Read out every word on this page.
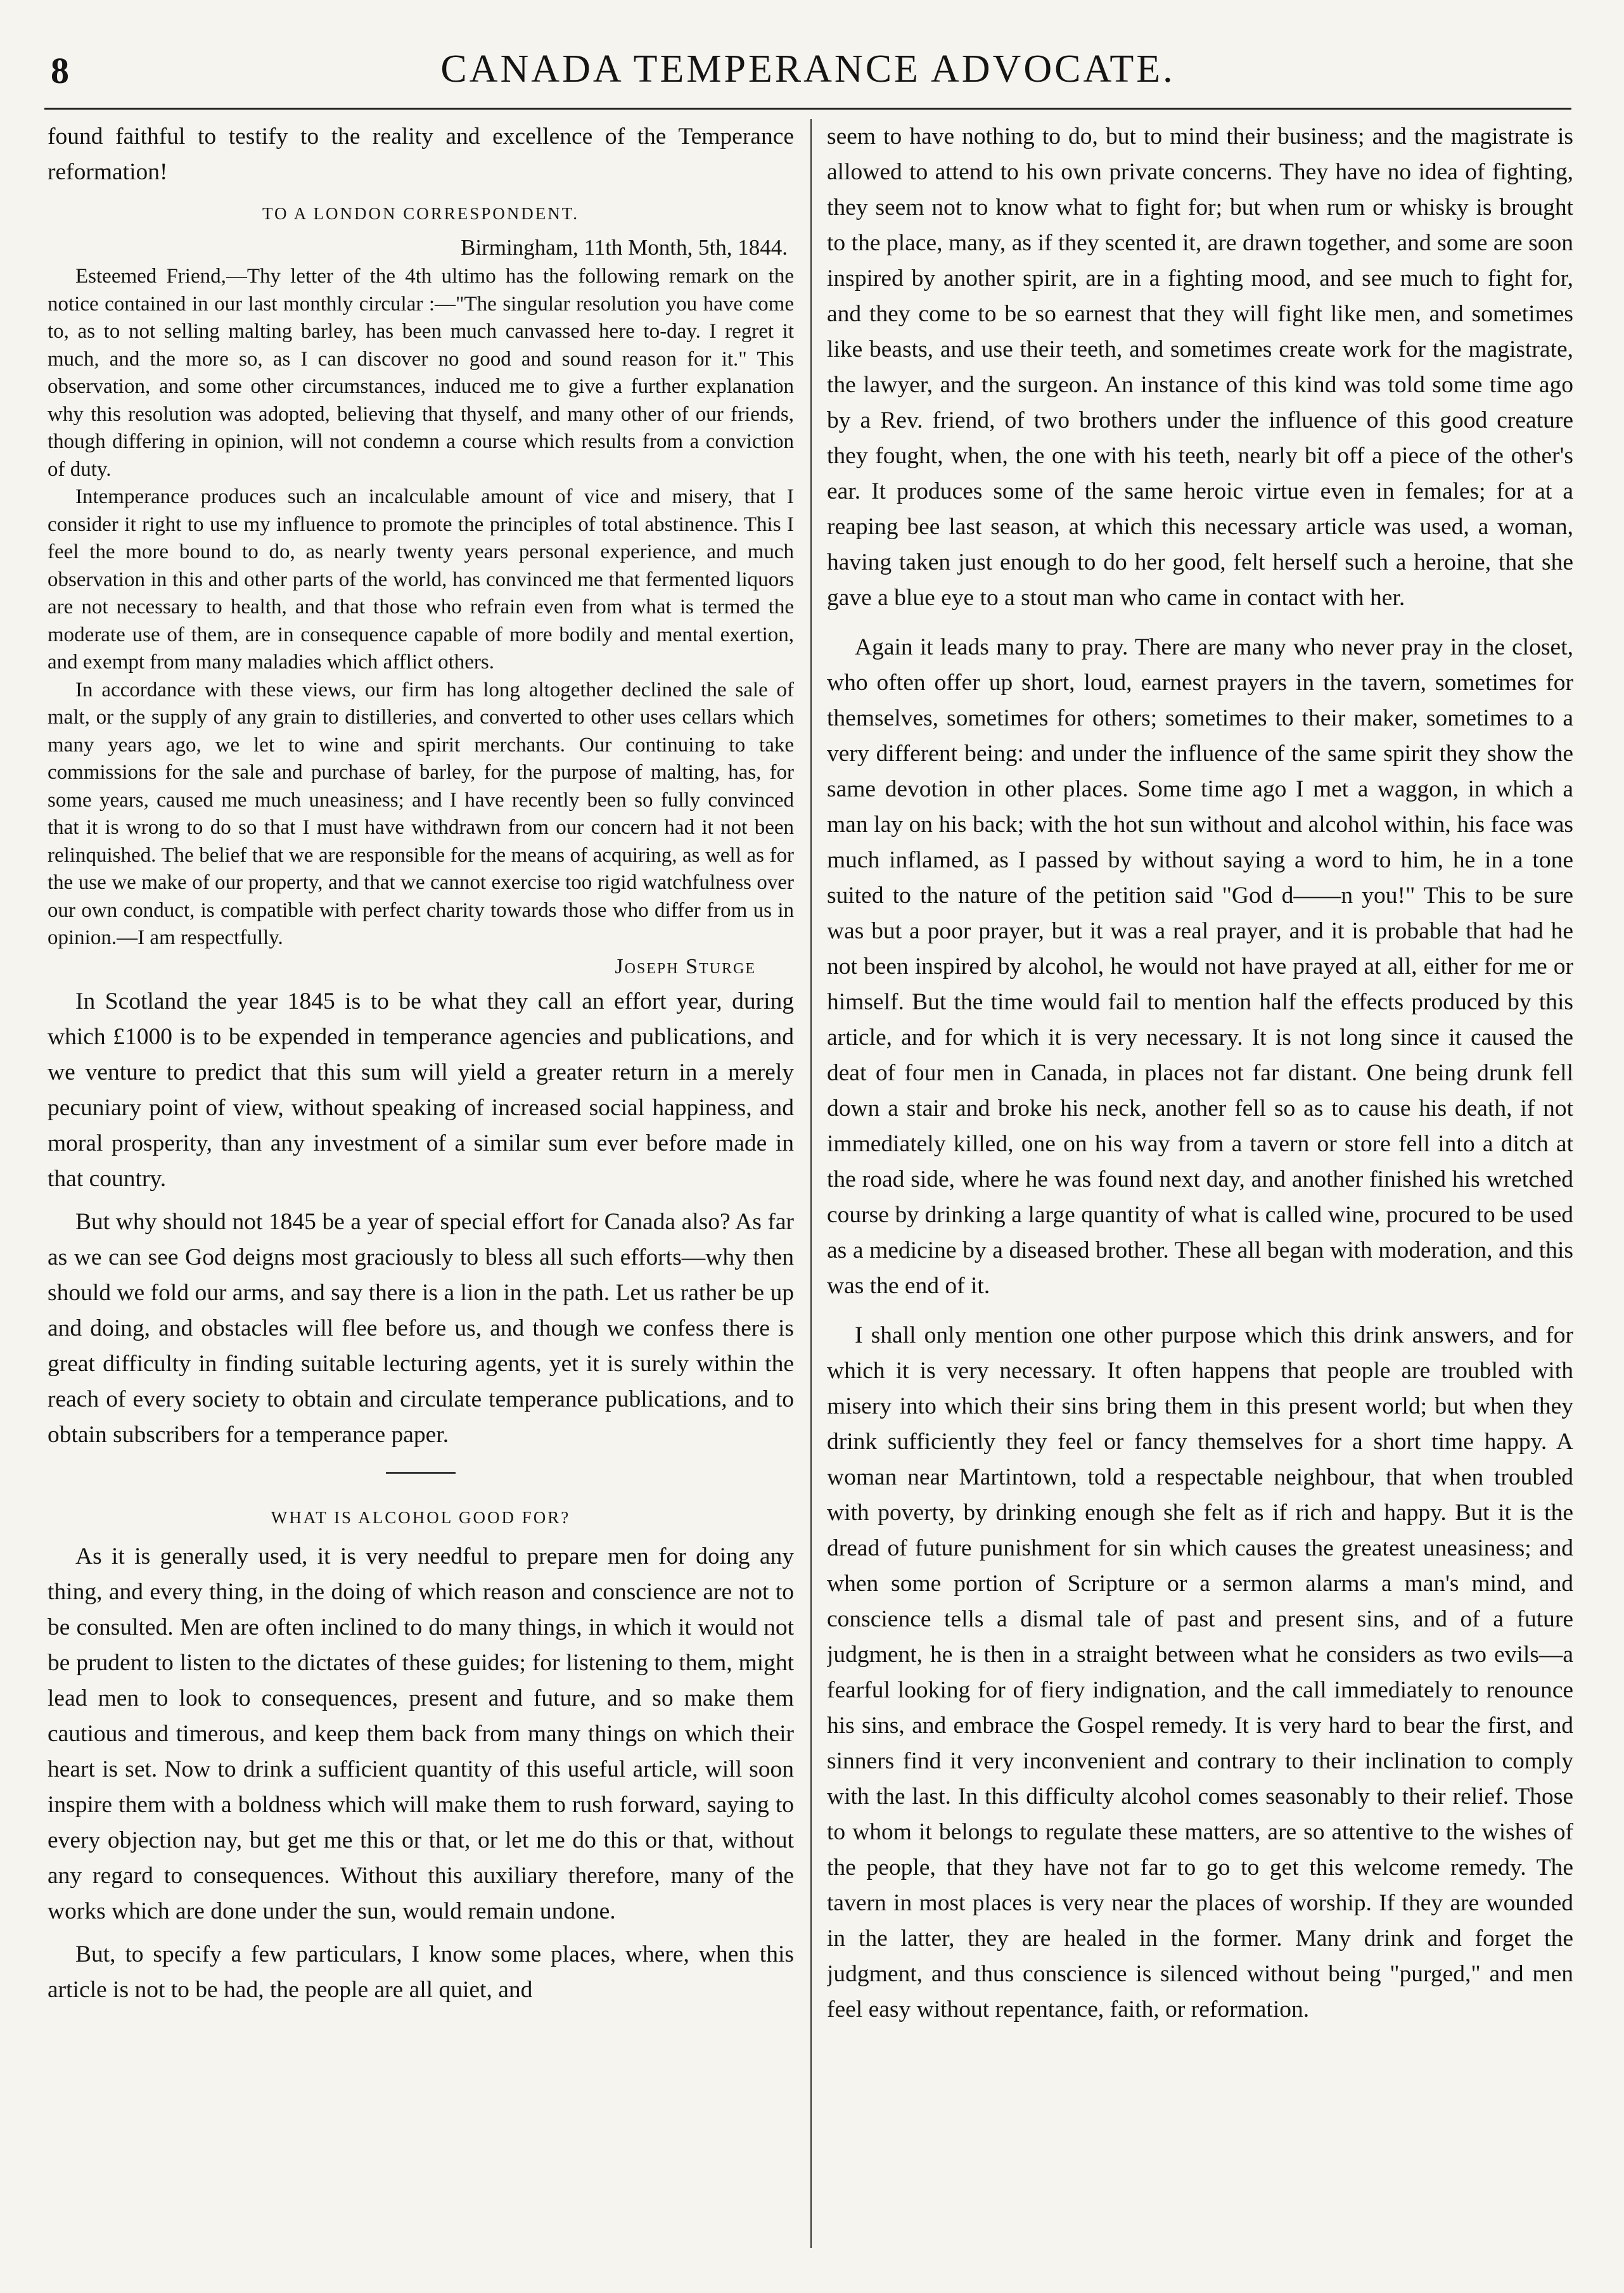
8	CANADA TEMPERANCE ADVOCATE.

found faithful to testify to the reality and excellence of the Temperance reformation!

TO A LONDON CORRESPONDENT.
Birmingham, 11th Month, 5th, 1844.

Esteemed Friend,—Thy letter of the 4th ultimo has the following remark on the notice contained in our last monthly circular :—"The singular resolution you have come to, as to not selling malting barley, has been much canvassed here to-day. I regret it much, and the more so, as I can discover no good and sound reason for it." This observation, and some other circumstances, induced me to give a further explanation why this resolution was adopted, believing that thyself, and many other of our friends, though differing in opinion, will not condemn a course which results from a conviction of duty.

Intemperance produces such an incalculable amount of vice and misery, that I consider it right to use my influence to promote the principles of total abstinence. This I feel the more bound to do, as nearly twenty years personal experience, and much observation in this and other parts of the world, has convinced me that fermented liquors are not necessary to health, and that those who refrain even from what is termed the moderate use of them, are in consequence capable of more bodily and mental exertion, and exempt from many maladies which afflict others.

In accordance with these views, our firm has long altogether declined the sale of malt, or the supply of any grain to distilleries, and converted to other uses cellars which many years ago, we let to wine and spirit merchants. Our continuing to take commissions for the sale and purchase of barley, for the purpose of malting, has, for some years, caused me much uneasiness; and I have recently been so fully convinced that it is wrong to do so that I must have withdrawn from our concern had it not been relinquished. The belief that we are responsible for the means of acquiring, as well as for the use we make of our property, and that we cannot exercise too rigid watchfulness over our own conduct, is compatible with perfect charity towards those who differ from us in opinion.—I am respectfully.

Joseph Sturge

In Scotland the year 1845 is to be what they call an effort year, during which £1000 is to be expended in temperance agencies and publications, and we venture to predict that this sum will yield a greater return in a merely pecuniary point of view, without speaking of increased social happiness, and moral prosperity, than any investment of a similar sum ever before made in that country.

But why should not 1845 be a year of special effort for Canada also? As far as we can see God deigns most graciously to bless all such efforts—why then should we fold our arms, and say there is a lion in the path. Let us rather be up and doing, and obstacles will flee before us, and though we confess there is great difficulty in finding suitable lecturing agents, yet it is surely within the reach of every society to obtain and circulate temperance publications, and to obtain subscribers for a temperance paper.

WHAT IS ALCOHOL GOOD FOR?

As it is generally used, it is very needful to prepare men for doing any thing, and every thing, in the doing of which reason and conscience are not to be consulted. Men are often inclined to do many things, in which it would not be prudent to listen to the dictates of these guides; for listening to them, might lead men to look to consequences, present and future, and so make them cautious and timerous, and keep them back from many things on which their heart is set. Now to drink a sufficient quantity of this useful article, will soon inspire them with a boldness which will make them to rush forward, saying to every objection nay, but get me this or that, or let me do this or that, without any regard to consequences. Without this auxiliary therefore, many of the works which are done under the sun, would remain undone.

But, to specify a few particulars, I know some places, where, when this article is not to be had, the people are all quiet, and

seem to have nothing to do, but to mind their business; and the magistrate is allowed to attend to his own private concerns. They have no idea of fighting, they seem not to know what to fight for; but when rum or whisky is brought to the place, many, as if they scented it, are drawn together, and some are soon inspired by another spirit, are in a fighting mood, and see much to fight for, and they come to be so earnest that they will fight like men, and sometimes like beasts, and use their teeth, and sometimes create work for the magistrate, the lawyer, and the surgeon. An instance of this kind was told some time ago by a Rev. friend, of two brothers under the influence of this good creature they fought, when, the one with his teeth, nearly bit off a piece of the other's ear. It produces some of the same heroic virtue even in females; for at a reaping bee last season, at which this necessary article was used, a woman, having taken just enough to do her good, felt herself such a heroine, that she gave a blue eye to a stout man who came in contact with her.

Again it leads many to pray. There are many who never pray in the closet, who often offer up short, loud, earnest prayers in the tavern, sometimes for themselves, sometimes for others; sometimes to their maker, sometimes to a very different being: and under the influence of the same spirit they show the same devotion in other places. Some time ago I met a waggon, in which a man lay on his back; with the hot sun without and alcohol within, his face was much inflamed, as I passed by without saying a word to him, he in a tone suited to the nature of the petition said "God d——n you!" This to be sure was but a poor prayer, but it was a real prayer, and it is probable that had he not been inspired by alcohol, he would not have prayed at all, either for me or himself. But the time would fail to mention half the effects produced by this article, and for which it is very necessary. It is not long since it caused the deat of four men in Canada, in places not far distant. One being drunk fell down a stair and broke his neck, another fell so as to cause his death, if not immediately killed, one on his way from a tavern or store fell into a ditch at the road side, where he was found next day, and another finished his wretched course by drinking a large quantity of what is called wine, procured to be used as a medicine by a diseased brother. These all began with moderation, and this was the end of it.

I shall only mention one other purpose which this drink answers, and for which it is very necessary. It often happens that people are troubled with misery into which their sins bring them in this present world; but when they drink sufficiently they feel or fancy themselves for a short time happy. A woman near Martintown, told a respectable neighbour, that when troubled with poverty, by drinking enough she felt as if rich and happy. But it is the dread of future punishment for sin which causes the greatest uneasiness; and when some portion of Scripture or a sermon alarms a man's mind, and conscience tells a dismal tale of past and present sins, and of a future judgment, he is then in a straight between what he considers as two evils—a fearful looking for of fiery indignation, and the call immediately to renounce his sins, and embrace the Gospel remedy. It is very hard to bear the first, and sinners find it very inconvenient and contrary to their inclination to comply with the last. In this difficulty alcohol comes seasonably to their relief. Those to whom it belongs to regulate these matters, are so attentive to the wishes of the people, that they have not far to go to get this welcome remedy. The tavern in most places is very near the places of worship. If they are wounded in the latter, they are healed in the former. Many drink and forget the judgment, and thus conscience is silenced without being "purged," and men feel easy without repentance, faith, or reformation.
